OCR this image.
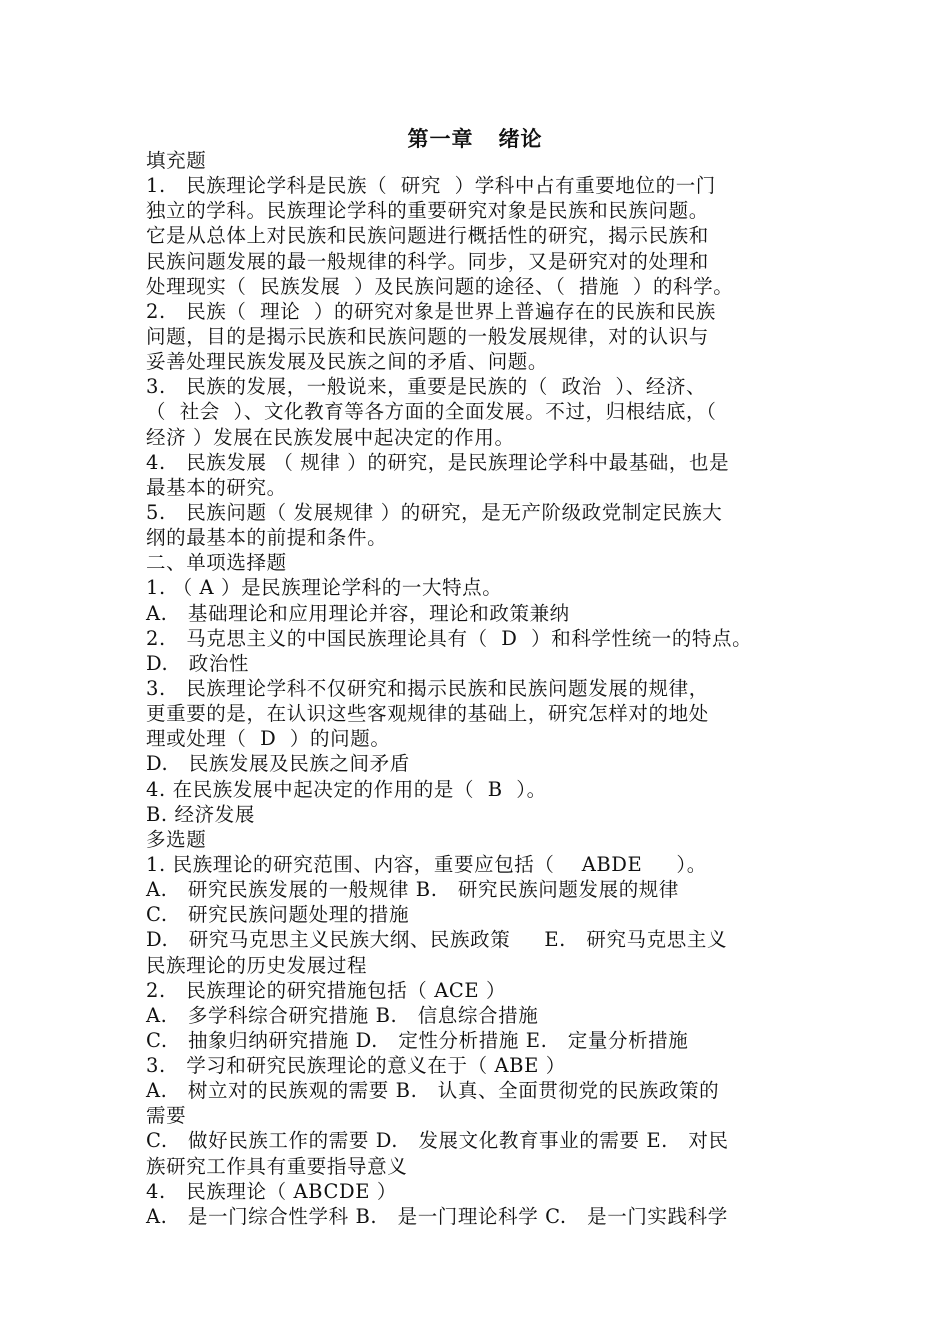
第一章   绪论
填充题
1.   民族理论学科是民族（  研究  ）学科中占有重要地位的一门
独立的学科。民族理论学科的重要研究对象是民族和民族问题。
它是从总体上对民族和民族问题进行概括性的研究，揭示民族和
民族问题发展的最一般规律的科学。同步，又是研究对的处理和
处理现实（  民族发展  ）及民族问题的途径、（  措施  ）的科学。
2.   民族（  理论  ）的研究对象是世界上普遍存在的民族和民族
问题，目的是揭示民族和民族问题的一般发展规律，对的认识与
妥善处理民族发展及民族之间的矛盾、问题。
3.   民族的发展，一般说来，重要是民族的（  政治  ）、经济、
（  社会  ）、文化教育等各方面的全面发展。不过，归根结底，（
经济 ）发展在民族发展中起决定的作用。
4.   民族发展 （ 规律 ）的研究，是民族理论学科中最基础，也是
最基本的研究。
5.   民族问题（ 发展规律 ）的研究，是无产阶级政党制定民族大
纲的最基本的前提和条件。
二、单项选择题
1. （ A ）是民族理论学科的一大特点。
A.   基础理论和应用理论并容，理论和政策兼纳
2.   马克思主义的中国民族理论具有（  D  ）和科学性统一的特点。
D.   政治性
3.   民族理论学科不仅研究和揭示民族和民族问题发展的规律，
更重要的是，在认识这些客观规律的基础上，研究怎样对的地处
理或处理（  D  ）的问题。
D.   民族发展及民族之间矛盾
4. 在民族发展中起决定的作用的是（  B  ）。
B. 经济发展
多选题
1. 民族理论的研究范围、内容，重要应包括（    ABDE     ）。
A.   研究民族发展的一般规律 B.   研究民族问题发展的规律
C.   研究民族问题处理的措施
D.   研究马克思主义民族大纲、民族政策     E.   研究马克思主义
民族理论的历史发展过程
2.   民族理论的研究措施包括（ ACE ）
A.   多学科综合研究措施 B.   信息综合措施
C.   抽象归纳研究措施 D.   定性分析措施 E.   定量分析措施
3.   学习和研究民族理论的意义在于（ ABE ）
A.   树立对的民族观的需要 B.   认真、全面贯彻党的民族政策的
需要
C.   做好民族工作的需要 D.   发展文化教育事业的需要 E.   对民
族研究工作具有重要指导意义
4.   民族理论（ ABCDE ）
A.   是一门综合性学科 B.   是一门理论科学 C.   是一门实践科学
